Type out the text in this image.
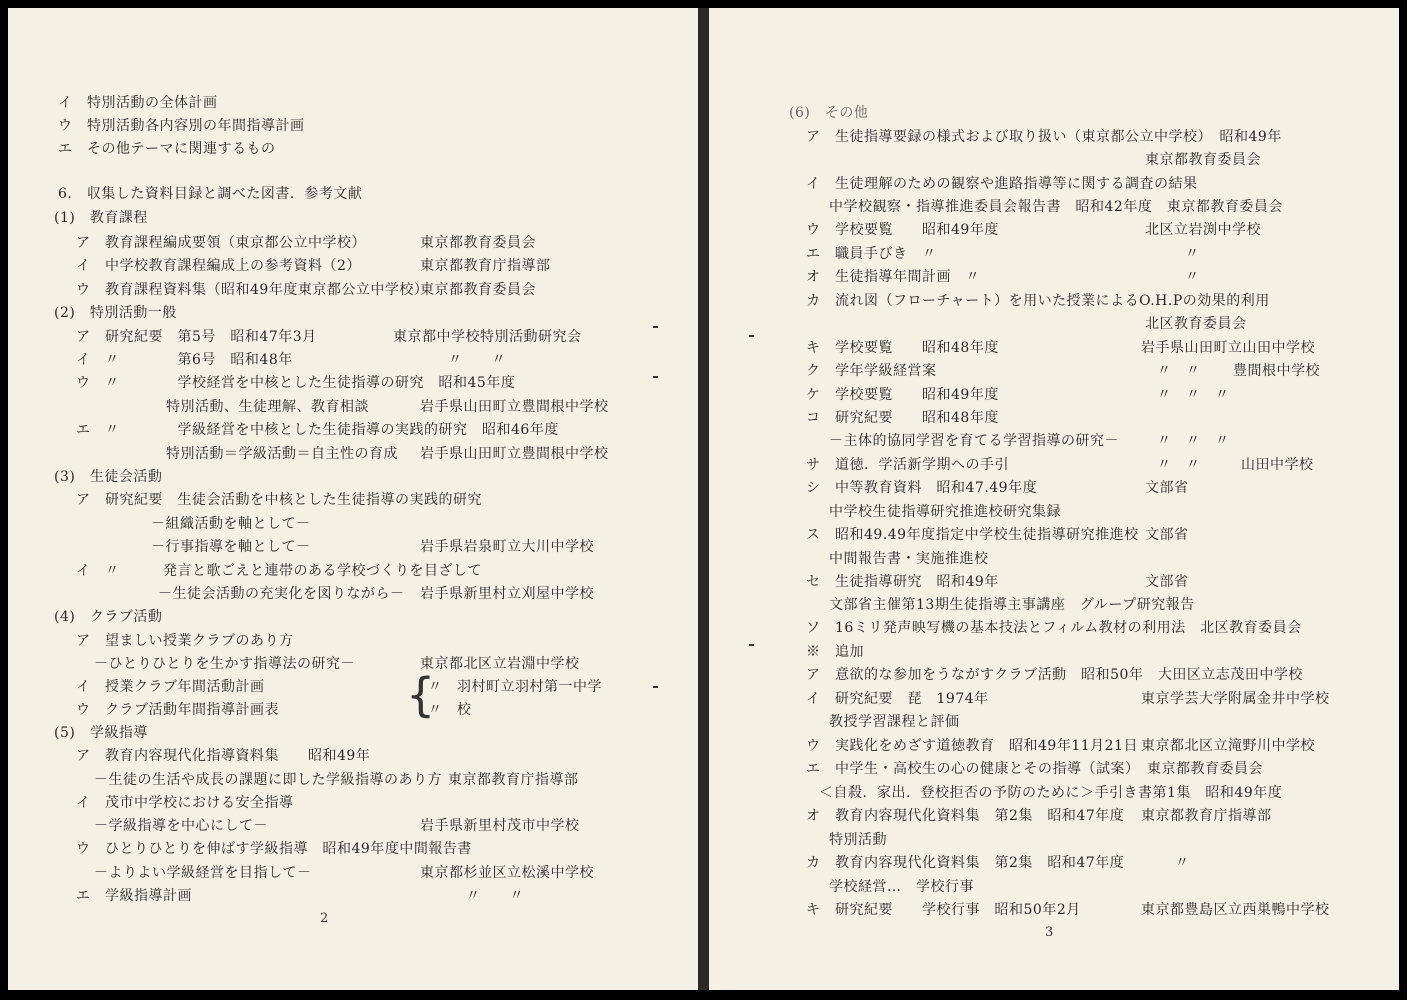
イ　特別活動の全体計画
ウ　特別活動各内容別の年間指導計画
エ　その他テーマに関連するもの
6.　収集した資料目録と調べた図書．参考文献
(1)　教育課程
ア　教育課程編成要領（東京都公立中学校）	東京都教育委員会
イ　中学校教育課程編成上の参考資料（2）	東京都教育庁指導部
ウ　教育課程資料集（昭和49年度東京都公立中学校）
東京都教育委員会
(2)　特別活動一般
ア　研究紀要　第5号　昭和47年3月	東京都中学校特別活動研究会
イ　〃　　　　第6号　昭和48年	〃　　〃
ウ　〃　　　　学校経営を中核とした生徒指導の研究　昭和45年度
特別活動、生徒理解、教育相談	岩手県山田町立豊間根中学校
エ　〃　　　　学級経営を中核とした生徒指導の実践的研究　昭和46年度
特別活動＝学級活動＝自主性の育成 岩手県山田町立豊間根中学校
(3)　生徒会活動
ア　研究紀要　生徒会活動を中核とした生徒指導の実践的研究
－組織活動を軸として－
－行事指導を軸として－	岩手県岩泉町立大川中学校
イ　〃　　　発言と歌ごえと連帯のある学校づくりを目ざして
－生徒会活動の充実化を図りながら－ 岩手県新里村立刈屋中学校
(4)　クラブ活動
ア　望ましい授業クラブのあり方
－ひとりひとりを生かす指導法の研究－	東京都北区立岩淵中学校
イ　授業クラブ年間活動計画	〃　羽村町立羽村第一中学
ウ　クラブ活動年間指導計画表	〃　校
{
(5)　学級指導
ア　教育内容現代化指導資料集　　昭和49年
－生徒の生活や成長の課題に即した学級指導のあり方 東京都教育庁指導部
イ　茂市中学校における安全指導
－学級指導を中心にして－	岩手県新里村茂市中学校
ウ　ひとりひとりを伸ばす学級指導　昭和49年度中間報告書
－よりよい学級経営を目指して－	東京都杉並区立松溪中学校
エ　学級指導計画	〃　　〃
2
(6)　その他
ア　生徒指導要録の様式および取り扱い（東京都公立中学校）　昭和49年
東京都教育委員会
イ　生徒理解のための観察や進路指導等に関する調査の結果
中学校観察・指導推進委員会報告書　昭和42年度　東京都教育委員会
ウ　学校要覧　　昭和49年度	北区立岩渕中学校
エ　職員手びき　〃	〃
オ　生徒指導年間計画　〃	〃
カ　流れ図（フローチャート）を用いた授業によるO.H.Pの効果的利用
北区教育委員会
キ　学校要覧　　昭和48年度	岩手県山田町立山田中学校
ク　学年学級経営案	〃　〃 豊間根中学校
ケ　学校要覧　　昭和49年度	〃　〃　〃
コ　研究紀要　　昭和48年度
－主体的協同学習を育てる学習指導の研究－	〃　〃　〃
サ　道徳．学活新学期への手引	〃　〃	山田中学校
シ　中等教育資料　昭和47.49年度	文部省
中学校生徒指導研究推進校研究集録
ス　昭和49.49年度指定中学校生徒指導研究推進校 文部省
中間報告書・実施推進校
セ　生徒指導研究　昭和49年	文部省
文部省主催第13期生徒指導主事講座　グループ研究報告
ソ　16ミリ発声映写機の基本技法とフィルム教材の利用法　北区教育委員会
※　追加
ア　意欲的な参加をうながすクラブ活動　昭和50年　大田区立志茂田中学校
イ　研究紀要　琵　1974年	東京学芸大学附属金井中学校
教授学習課程と評価
ウ　実践化をめざす道徳教育　昭和49年11月21日 東京都北区立滝野川中学校
エ　中学生・高校生の心の健康とその指導（試案）　東京都教育委員会
＜自殺．家出．登校拒否の予防のために＞手引き書第1集　昭和49年度
オ　教育内容現代化資料集　第2集　昭和47年度 東京都教育庁指導部
特別活動
カ　教育内容現代化資料集　第2集　昭和47年度	〃
学校経営…　学校行事
キ　研究紀要　　学校行事　昭和50年2月	東京都豊島区立西巣鴨中学校
3
